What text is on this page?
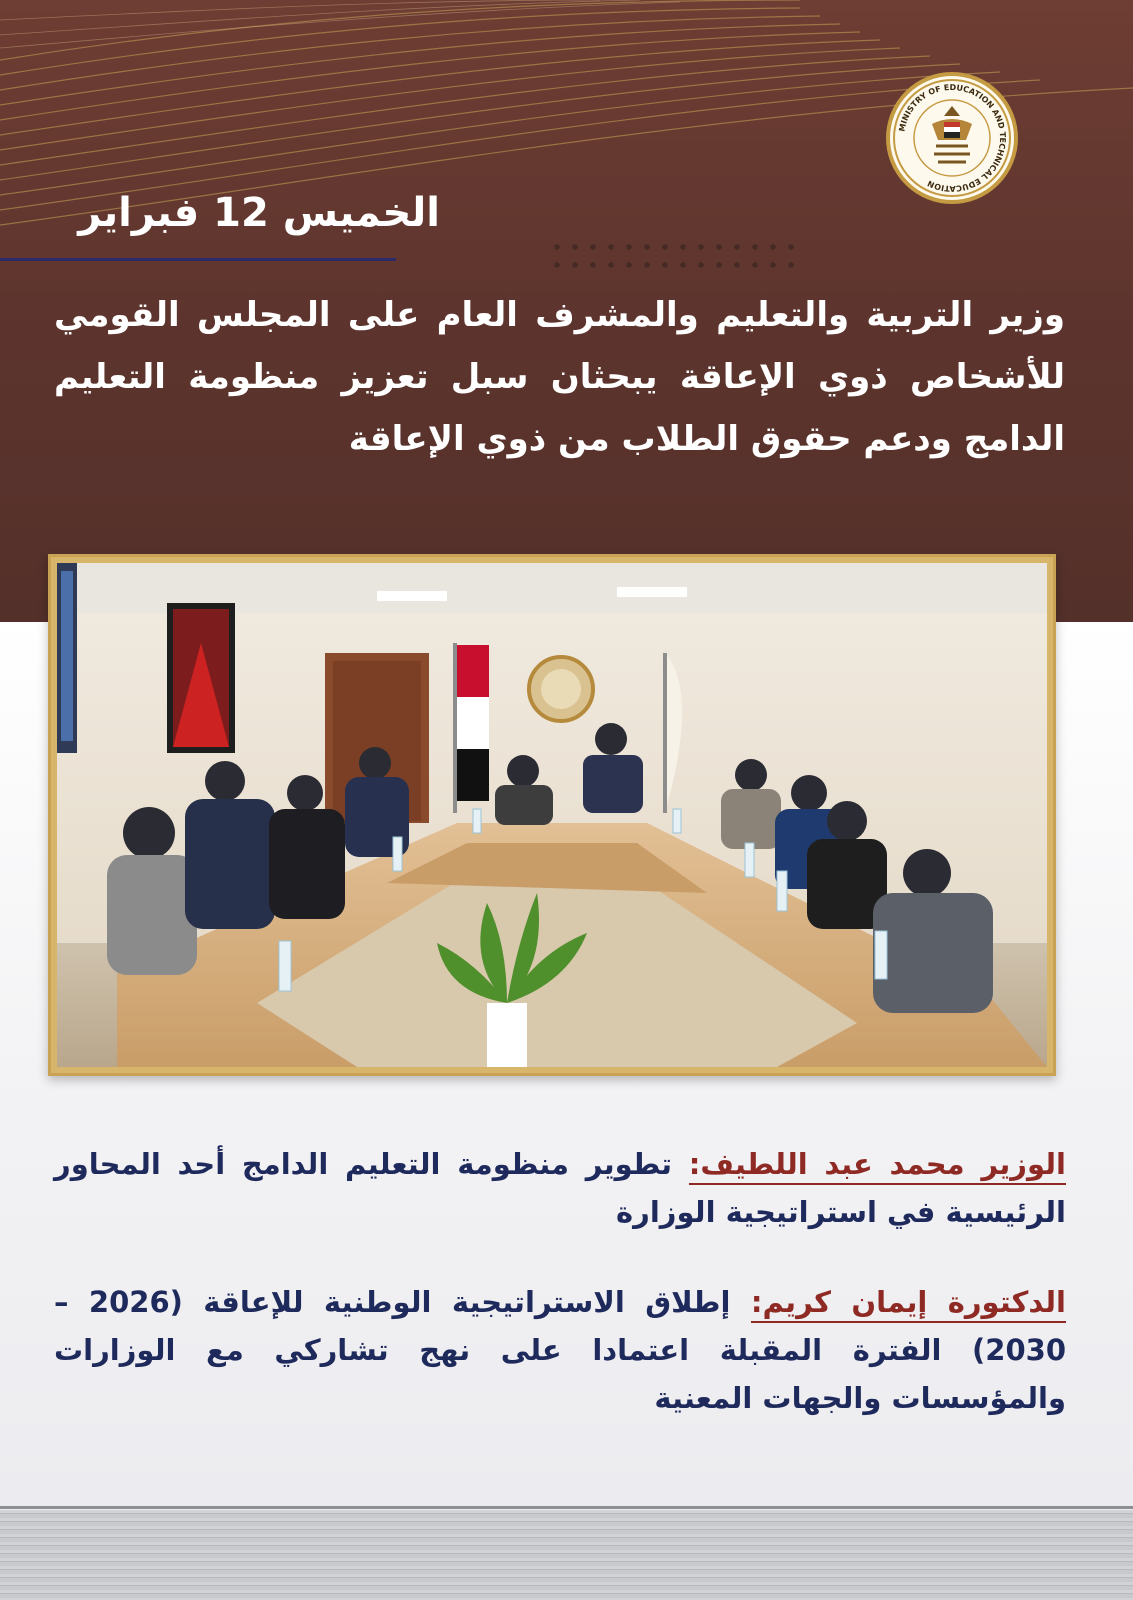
MINISTRY OF EDUCATION AND TECHNICAL EDUCATION
الخميس 12 فبراير

وزير التربية والتعليم والمشرف العام على المجلس القومي للأشخاص ذوي الإعاقة يبحثان سبل تعزيز منظومة التعليم الدامج ودعم حقوق الطلاب من ذوي الإعاقة

الوزير محمد عبد اللطيف: تطوير منظومة التعليم الدامج أحد المحاور الرئيسية في استراتيجية الوزارة

الدكتورة إيمان كريم: إطلاق الاستراتيجية الوطنية للإعاقة (2026 – 2030) الفترة المقبلة اعتمادا على نهج تشاركي مع الوزارات والمؤسسات والجهات المعنية
